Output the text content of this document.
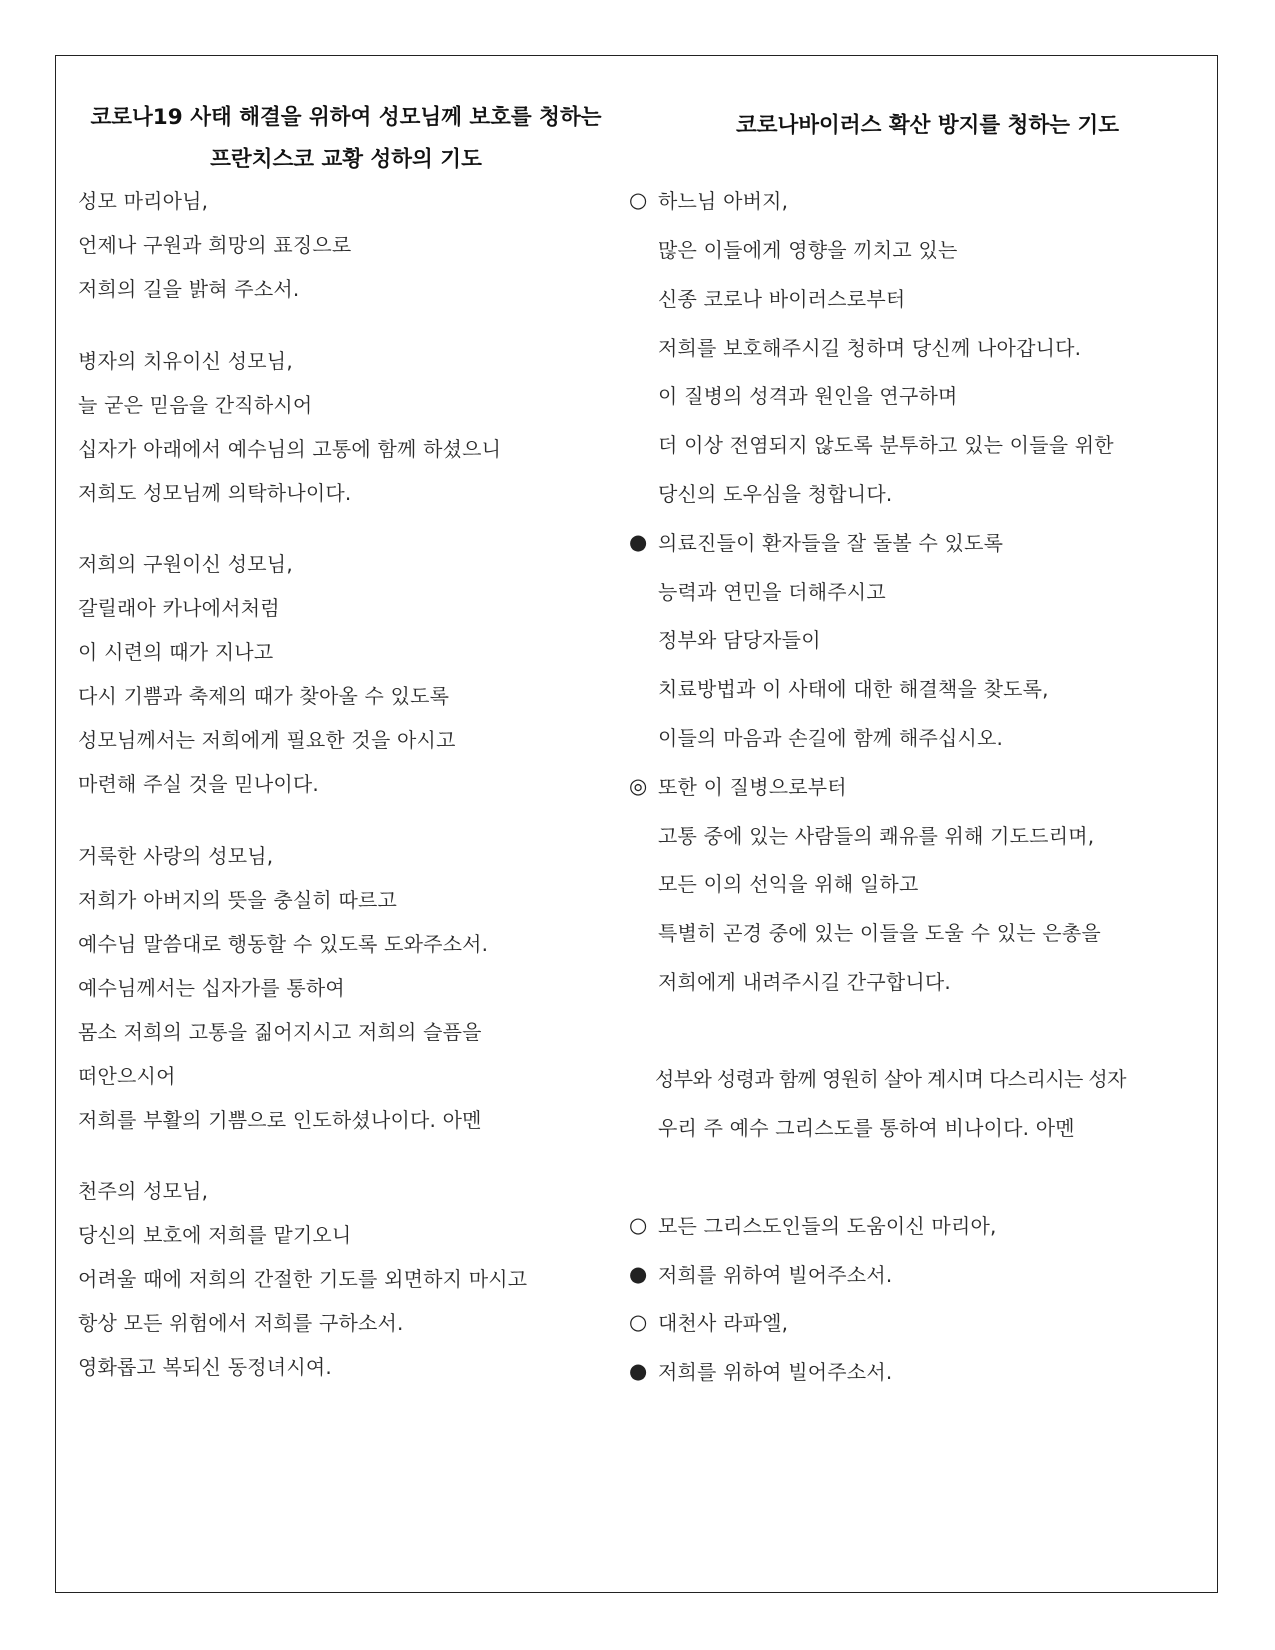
코로나19 사태 해결을 위하여 성모님께 보호를 청하는
프란치스코 교황 성하의 기도
성모 마리아님,
언제나 구원과 희망의 표징으로
저희의 길을 밝혀 주소서.
병자의 치유이신 성모님,
늘 굳은 믿음을 간직하시어
십자가 아래에서 예수님의 고통에 함께 하셨으니
저희도 성모님께 의탁하나이다.
저희의 구원이신 성모님,
갈릴래아 카나에서처럼
이 시련의 때가 지나고
다시 기쁨과 축제의 때가 찾아올 수 있도록
성모님께서는 저희에게 필요한 것을 아시고
마련해 주실 것을 믿나이다.
거룩한 사랑의 성모님,
저희가 아버지의 뜻을 충실히 따르고
예수님 말씀대로 행동할 수 있도록 도와주소서.
예수님께서는 십자가를 통하여
몸소 저희의 고통을 짊어지시고 저희의 슬픔을
떠안으시어
저희를 부활의 기쁨으로 인도하셨나이다. 아멘
천주의 성모님,
당신의 보호에 저희를 맡기오니
어려울 때에 저희의 간절한 기도를 외면하지 마시고
항상 모든 위험에서 저희를 구하소서.
영화롭고 복되신 동정녀시여.
코로나바이러스 확산 방지를 청하는 기도
○ 하느님 아버지,
많은 이들에게 영향을 끼치고 있는
신종 코로나 바이러스로부터
저희를 보호해주시길 청하며 당신께 나아갑니다.
이 질병의 성격과 원인을 연구하며
더 이상 전염되지 않도록 분투하고 있는 이들을 위한
당신의 도우심을 청합니다.
● 의료진들이 환자들을 잘 돌볼 수 있도록
능력과 연민을 더해주시고
정부와 담당자들이
치료방법과 이 사태에 대한 해결책을 찾도록,
이들의 마음과 손길에 함께 해주십시오.
◎ 또한 이 질병으로부터
고통 중에 있는 사람들의 쾌유를 위해 기도드리며,
모든 이의 선익을 위해 일하고
특별히 곤경 중에 있는 이들을 도울 수 있는 은총을
저희에게 내려주시길 간구합니다.
성부와 성령과 함께 영원히 살아 계시며 다스리시는 성자
우리 주 예수 그리스도를 통하여 비나이다. 아멘
○ 모든 그리스도인들의 도움이신 마리아,
● 저희를 위하여 빌어주소서.
○ 대천사 라파엘,
● 저희를 위하여 빌어주소서.
